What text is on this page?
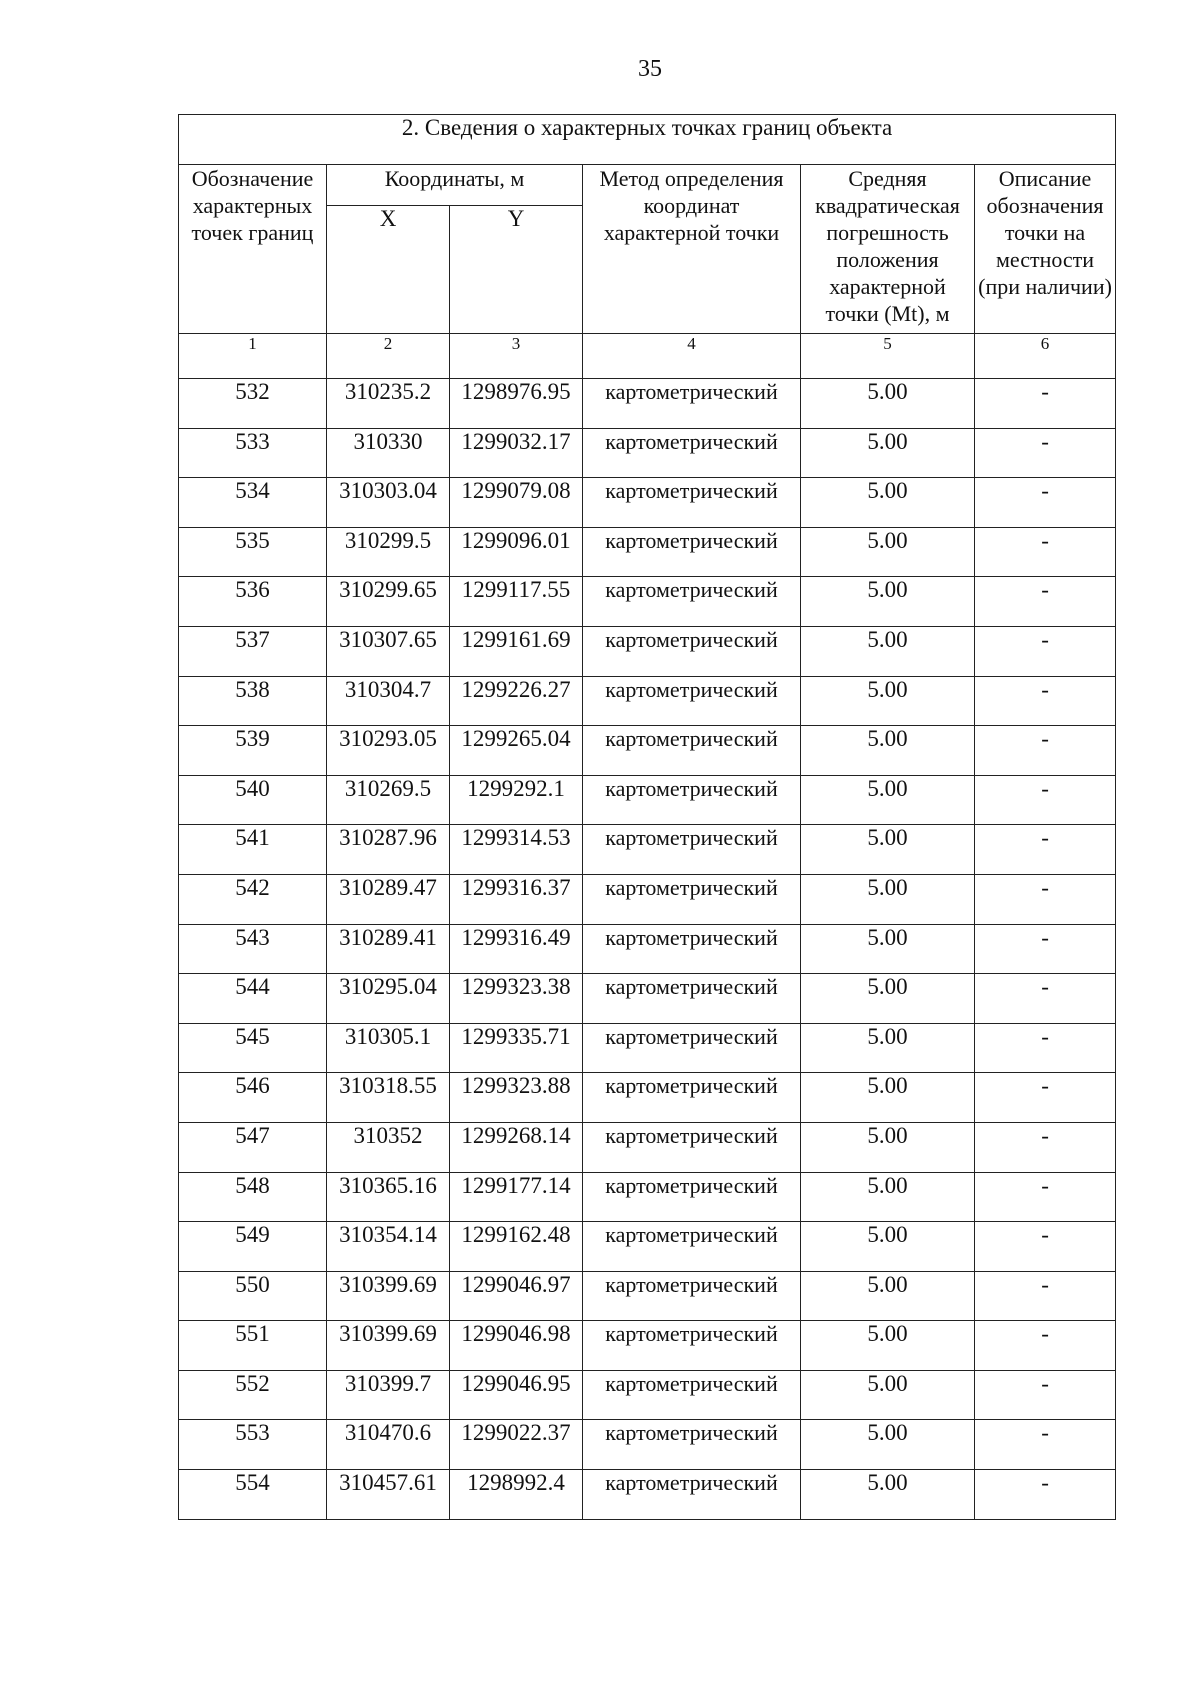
35
2. Сведения о характерных точках границ объекта					
Обозначение характерных точек границ	Координаты, м		Метод определения координат характерной точки	Средняя квадратическая погрешность положения характерной точки (Mt), м	Описание обозначения точки на местности (при наличии)
	X	Y			
1	2	3	4	5	6
532	310235.2	1298976.95	картометрический	5.00	-
533	310330	1299032.17	картометрический	5.00	-
534	310303.04	1299079.08	картометрический	5.00	-
535	310299.5	1299096.01	картометрический	5.00	-
536	310299.65	1299117.55	картометрический	5.00	-
537	310307.65	1299161.69	картометрический	5.00	-
538	310304.7	1299226.27	картометрический	5.00	-
539	310293.05	1299265.04	картометрический	5.00	-
540	310269.5	1299292.1	картометрический	5.00	-
541	310287.96	1299314.53	картометрический	5.00	-
542	310289.47	1299316.37	картометрический	5.00	-
543	310289.41	1299316.49	картометрический	5.00	-
544	310295.04	1299323.38	картометрический	5.00	-
545	310305.1	1299335.71	картометрический	5.00	-
546	310318.55	1299323.88	картометрический	5.00	-
547	310352	1299268.14	картометрический	5.00	-
548	310365.16	1299177.14	картометрический	5.00	-
549	310354.14	1299162.48	картометрический	5.00	-
550	310399.69	1299046.97	картометрический	5.00	-
551	310399.69	1299046.98	картометрический	5.00	-
552	310399.7	1299046.95	картометрический	5.00	-
553	310470.6	1299022.37	картометрический	5.00	-
554	310457.61	1298992.4	картометрический	5.00	-
